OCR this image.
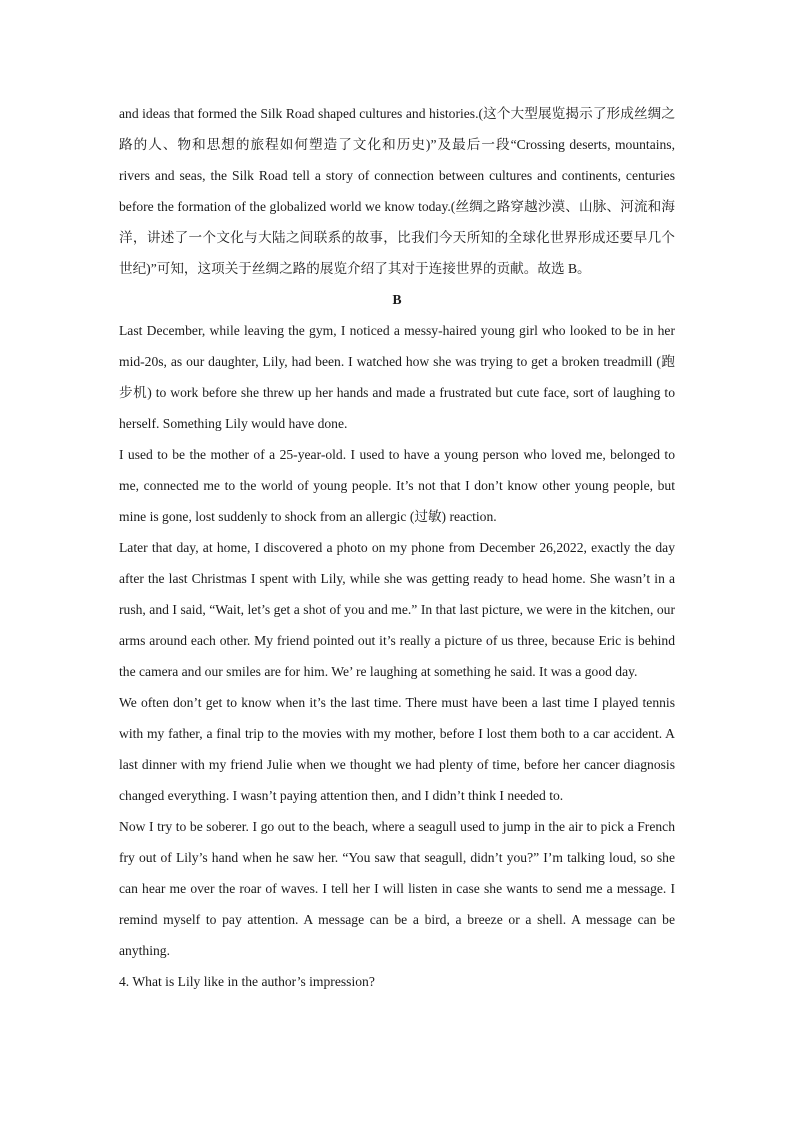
and ideas that formed the Silk Road shaped cultures and histories.(这个大型展览揭示了形成丝绸之路的人、物和思想的旅程如何塑造了文化和历史)”及最后一段“Crossing deserts, mountains, rivers and seas, the Silk Road tell a story of connection between cultures and continents, centuries before the formation of the globalized world we know today.(丝绸之路穿越沙漠、山脉、河流和海洋，讲述了一个文化与大陆之间联系的故事，比我们今天所知的全球化世界形成还要早几个世纪)”可知，这项关于丝绸之路的展览介绍了其对于连接世界的贡献。故选 B。

B

Last December, while leaving the gym, I noticed a messy-haired young girl who looked to be in her mid-20s, as our daughter, Lily, had been. I watched how she was trying to get a broken treadmill (跑步机) to work before she threw up her hands and made a frustrated but cute face, sort of laughing to herself. Something Lily would have done.

I used to be the mother of a 25-year-old. I used to have a young person who loved me, belonged to me, connected me to the world of young people. It’s not that I don’t know other young people, but mine is gone, lost suddenly to shock from an allergic (过敏) reaction.

Later that day, at home, I discovered a photo on my phone from December 26,2022, exactly the day after the last Christmas I spent with Lily, while she was getting ready to head home. She wasn’t in a rush, and I said, “Wait, let’s get a shot of you and me.” In that last picture, we were in the kitchen, our arms around each other. My friend pointed out it’s really a picture of us three, because Eric is behind the camera and our smiles are for him. We’ re laughing at something he said. It was a good day.

We often don’t get to know when it’s the last time. There must have been a last time I played tennis with my father, a final trip to the movies with my mother, before I lost them both to a car accident. A last dinner with my friend Julie when we thought we had plenty of time, before her cancer diagnosis changed everything. I wasn’t paying attention then, and I didn’t think I needed to.

Now I try to be soberer. I go out to the beach, where a seagull used to jump in the air to pick a French fry out of Lily’s hand when he saw her. “You saw that seagull, didn’t you?” I’m talking loud, so she can hear me over the roar of waves. I tell her I will listen in case she wants to send me a message. I remind myself to pay attention. A message can be a bird, a breeze or a shell. A message can be anything.

4. What is Lily like in the author’s impression?
